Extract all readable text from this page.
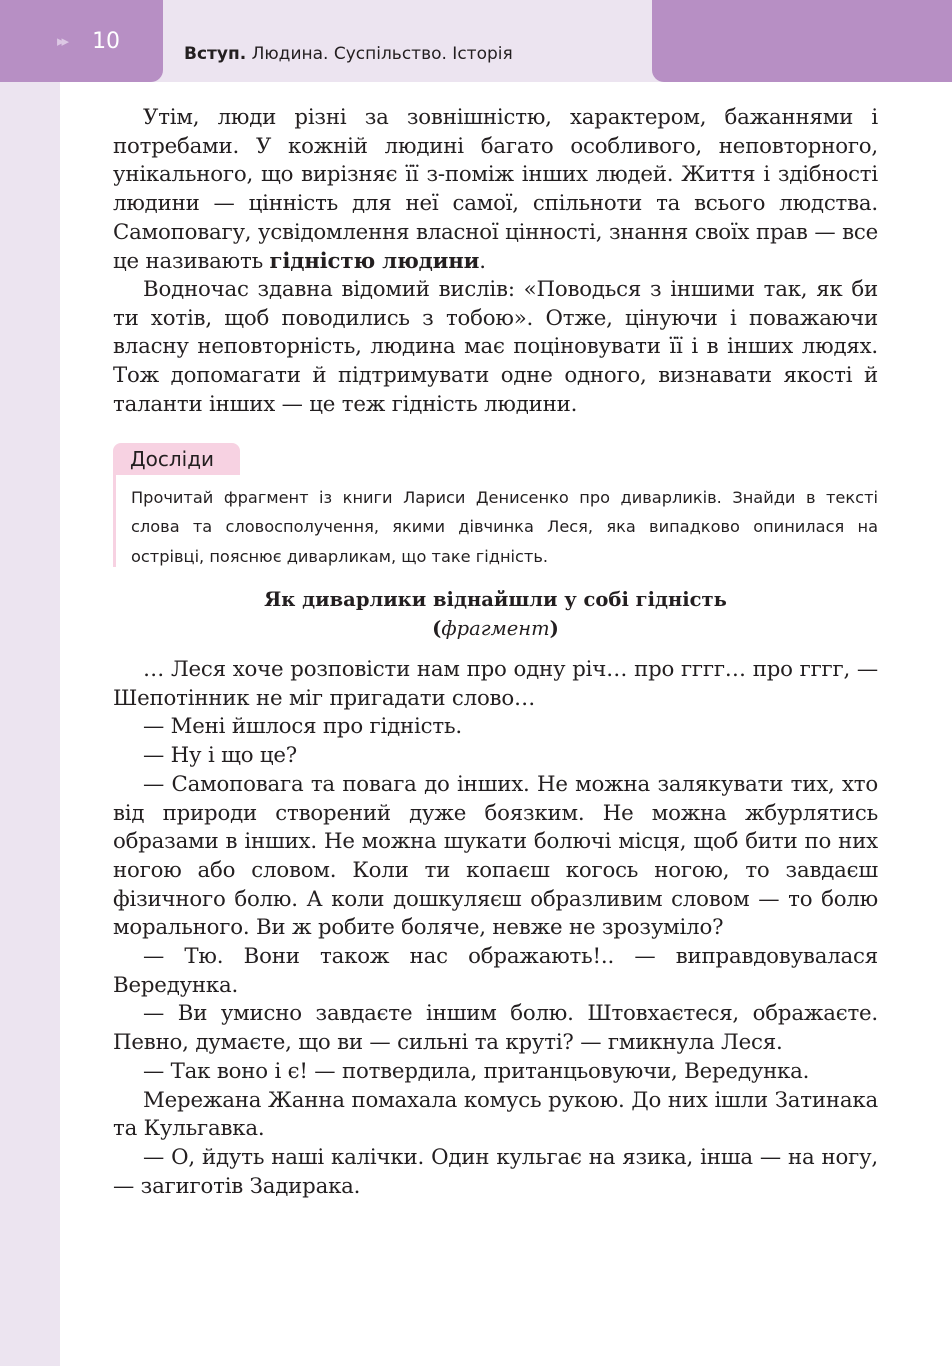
▸▸ 10
Вступ. Людина. Суспільство. Історія

Утім, люди різні за зовнішністю, характером, бажаннями і потребами. У кожній людині багато особливого, неповторного, унікального, що вирізняє її з-поміж інших людей. Життя і здібності людини — цінність для неї самої, спільноти та всього людства. Самоповагу, усвідомлення власної цінності, знання своїх прав — все це називають гідністю людини.

Водночас здавна відомий вислів: «Поводься з іншими так, як би ти хотів, щоб поводились з тобою». Отже, цінуючи і поважаючи власну неповторність, людина має поціновувати її і в інших людях. Тож допомагати й підтримувати одне одного, визнавати якості й таланти інших — це теж гідність людини.

Досліди

Прочитай фрагмент із книги Лариси Денисенко про диварликів. Знайди в тексті слова та словосполучення, якими дівчинка Леся, яка випадково опинилася на острівці, пояснює диварликам, що таке гідність.

Як диварлики віднайшли у собі гідність

(фрагмент)

… Леся хоче розповісти нам про одну річ… про гггг… про гггг, — Шепотінник не міг пригадати слово…

— Мені йшлося про гідність.

— Ну і що це?

— Самоповага та повага до інших. Не можна залякувати тих, хто від природи створений дуже боязким. Не можна жбурлятись образами в інших. Не можна шукати болючі місця, щоб бити по них ногою або словом. Коли ти копаєш когось ногою, то завдаєш фізичного болю. А коли дошкуляєш образливим словом — то болю морального. Ви ж робите боляче, невже не зрозуміло?

— Тю. Вони також нас ображають!.. — виправдовувалася Вередунка.

— Ви умисно завдаєте іншим болю. Штовхаєтеся, ображаєте. Певно, думаєте, що ви — сильні та круті? — гмикнула Леся.

— Так воно і є! — потвердила, пританцьовуючи, Вередунка.

Мережана Жанна помахала комусь рукою. До них ішли Затинака та Кульгавка.

— О, йдуть наші калічки. Один кульгає на язика, інша — на ногу, — загиготів Задирака.
